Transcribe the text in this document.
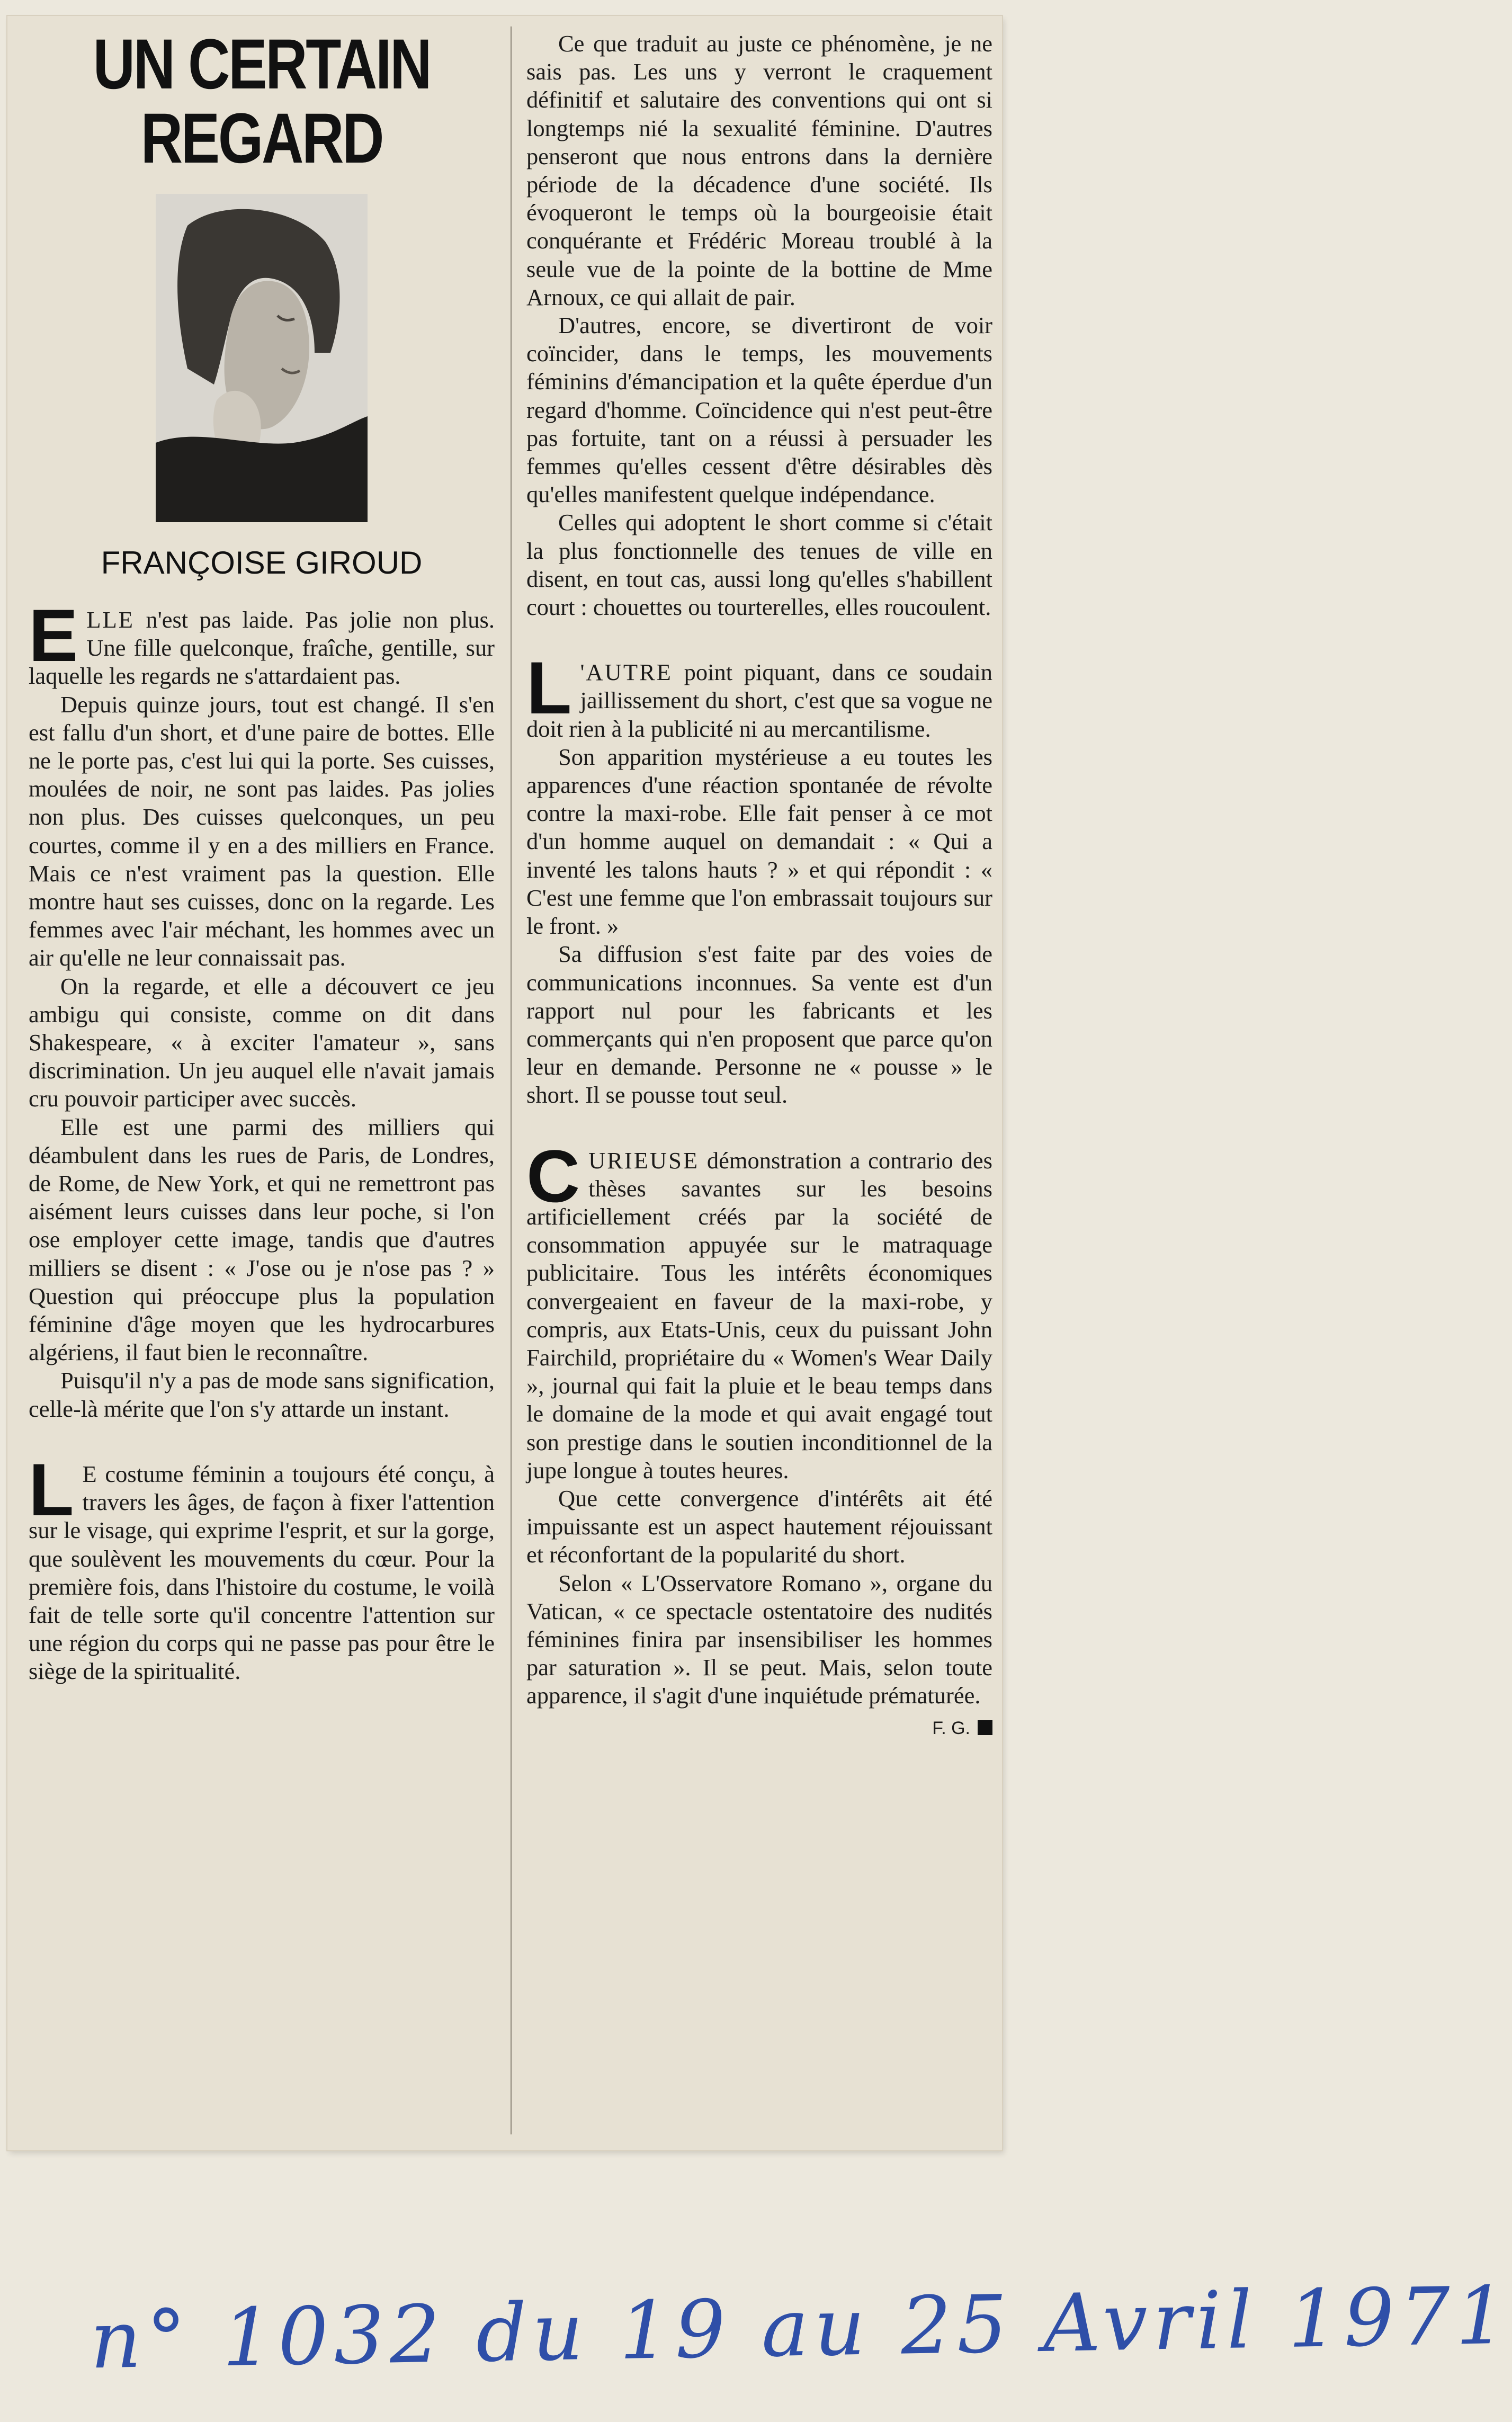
UN CERTAIN REGARD
FRANÇOISE GIROUD

ELLE n'est pas laide. Pas jolie non plus. Une fille quelconque, fraîche, gentille, sur laquelle les regards ne s'attardaient pas.

Depuis quinze jours, tout est changé. Il s'en est fallu d'un short, et d'une paire de bottes. Elle ne le porte pas, c'est lui qui la porte. Ses cuisses, moulées de noir, ne sont pas laides. Pas jolies non plus. Des cuisses quelconques, un peu courtes, comme il y en a des milliers en France. Mais ce n'est vraiment pas la question. Elle montre haut ses cuisses, donc on la regarde. Les femmes avec l'air méchant, les hommes avec un air qu'elle ne leur connaissait pas.

On la regarde, et elle a découvert ce jeu ambigu qui consiste, comme on dit dans Shakespeare, « à exciter l'amateur », sans discrimination. Un jeu auquel elle n'avait jamais cru pouvoir participer avec succès.

Elle est une parmi des milliers qui déambulent dans les rues de Paris, de Londres, de Rome, de New York, et qui ne remettront pas aisément leurs cuisses dans leur poche, si l'on ose employer cette image, tandis que d'autres milliers se disent : « J'ose ou je n'ose pas ? » Question qui préoccupe plus la population féminine d'âge moyen que les hydrocarbures algériens, il faut bien le reconnaître.

Puisqu'il n'y a pas de mode sans signification, celle-là mérite que l'on s'y attarde un instant.

L E costume féminin a toujours été conçu, à travers les âges, de façon à fixer l'attention sur le visage, qui exprime l'esprit, et sur la gorge, que soulèvent les mouvements du cœur. Pour la première fois, dans l'histoire du costume, le voilà fait de telle sorte qu'il concentre l'attention sur une région du corps qui ne passe pas pour être le siège de la spiritualité.

Ce que traduit au juste ce phénomène, je ne sais pas. Les uns y verront le craquement définitif et salutaire des conventions qui ont si longtemps nié la sexualité féminine. D'autres penseront que nous entrons dans la dernière période de la décadence d'une société. Ils évoqueront le temps où la bourgeoisie était conquérante et Frédéric Moreau troublé à la seule vue de la pointe de la bottine de Mme Arnoux, ce qui allait de pair.

D'autres, encore, se divertiront de voir coïncider, dans le temps, les mouvements féminins d'émancipation et la quête éperdue d'un regard d'homme. Coïncidence qui n'est peut-être pas fortuite, tant on a réussi à persuader les femmes qu'elles cessent d'être désirables dès qu'elles manifestent quelque indépendance.

Celles qui adoptent le short comme si c'était la plus fonctionnelle des tenues de ville en disent, en tout cas, aussi long qu'elles s'habillent court : chouettes ou tourterelles, elles roucoulent.

L 'AUTRE point piquant, dans ce soudain jaillissement du short, c'est que sa vogue ne doit rien à la publicité ni au mercantilisme.

Son apparition mystérieuse a eu toutes les apparences d'une réaction spontanée de révolte contre la maxi-robe. Elle fait penser à ce mot d'un homme auquel on demandait : « Qui a inventé les talons hauts ? » et qui répondit : « C'est une femme que l'on embrassait toujours sur le front. »

Sa diffusion s'est faite par des voies de communications inconnues. Sa vente est d'un rapport nul pour les fabricants et les commerçants qui n'en proposent que parce qu'on leur en demande. Personne ne « pousse » le short. Il se pousse tout seul.

CURIEUSE démonstration a contrario des thèses savantes sur les besoins artificiellement créés par la société de consommation appuyée sur le matraquage publicitaire. Tous les intérêts économiques convergeaient en faveur de la maxi-robe, y compris, aux Etats-Unis, ceux du puissant John Fairchild, propriétaire du « Women's Wear Daily », journal qui fait la pluie et le beau temps dans le domaine de la mode et qui avait engagé tout son prestige dans le soutien inconditionnel de la jupe longue à toutes heures.

Que cette convergence d'intérêts ait été impuissante est un aspect hautement réjouissant et réconfortant de la popularité du short.

Selon « L'Osservatore Romano », organe du Vatican, « ce spectacle ostentatoire des nudités féminines finira par insensibiliser les hommes par saturation ». Il se peut. Mais, selon toute apparence, il s'agit d'une inquiétude prématurée.
F. G.

n° 1032 du 19 au 25 Avril 1971
